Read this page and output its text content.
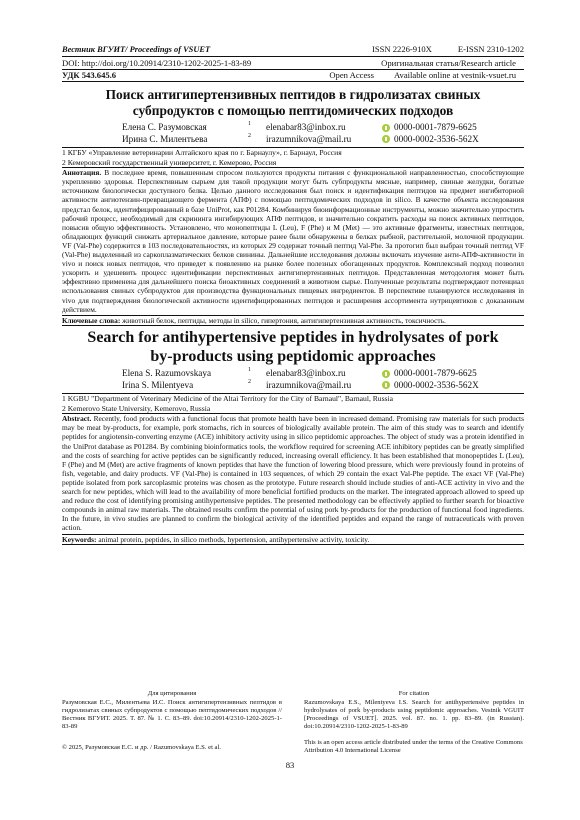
Вестник ВГУИТ/ Proceedings of VSUET	ISSN 2226-910X	E-ISSN 2310-1202
DOI: http://doi.org/10.20914/2310-1202-2025-1-83-89	Оригинальная статья/Research article
УДК 543.645.6	Open Access Available online at vestnik-vsuet.ru
Поиск антигипертензивных пептидов в гидролизатах свиных субпродуктов с помощью пептидомических подходов
Елена С. Разумовская	1	elenabar83@inbox.ru	0000-0001-7879-6625
Ирина С. Милентьева	2	irazumnikova@mail.ru	0000-0002-3536-562X
1 КГБУ «Управление ветеринарии Алтайского края по г. Барнаулу», г. Барнаул, Россия
2 Кемеровский государственный университет, г. Кемерово, Россия
Аннотация. В последнее время, повышенным спросом пользуются продукты питания с функциональной направленностью, способствующие укреплению здоровья. Перспективным сырьем для такой продукции могут быть субпродукты мясные, например, свиные желудки, богатые источником биологически доступного белка. Целью данного исследования был поиск и идентификация пептидов на предмет ингибиторной активности ангиотензин-превращающего фермента (АПФ) с помощью пептидомических подходов in silico. В качестве объекта исследования предстал белок, идентифицированный в базе UniProt, как P01284. Комбинируя биоинформационные инструменты, можно значительно упростить рабочий процесс, необходимый для скрининга ингибирующих АПФ пептидов, и значительно сократить расходы на поиск активных пептидов, повысив общую эффективность. Установлено, что монопептиды L (Leu), F (Phe) и M (Met) — это активные фрагменты, известных пептидов, обладающих функций снижать артериальное давление, которые ранее были обнаружены в белках рыбной, растительной, молочной продукции. VF (Val-Phe) содержится в 103 последовательностях, из которых 29 содержат точный пептид Val-Phe. За протогип был выбран точный пептид VF (Val-Phe) выделенный из саркоплазматических белков свинины. Дальнейшие исследования должны включать изучение анти-АПФ-активности in vivo и поиск новых пептидов, что приведет к появлению на рынке более полезных обогащенных продуктов. Комплексный подход позволил ускорить и удешевить процесс идентификации перспективных антигипертензивных пептидов. Представленная методология может быть эффективно применена для дальнейшего поиска биоактивных соединений в животном сырье. Полученные результаты подтверждают потенциал использования свиных субпродуктов для производства функциональных пищевых ингредиентов. В перспективе планируются исследования in vivo для подтверждения биологической активности идентифицированных пептидов и расширения ассортимента нутрицевтиков с доказанным действием.
Ключевые слова: животный белок, пептиды, методы in silico, гипертония, антигипертензивная активность, токсичность.
Search for antihypertensive peptides in hydrolysates of pork by-products using peptidomic approaches
Elena S. Razumovskaya	1	elenabar83@inbox.ru	0000-0001-7879-6625
Irina S. Milentyeva	2	irazumnikova@mail.ru	0000-0002-3536-562X
1 KGBU "Department of Veterinary Medicine of the Altai Territory for the City of Barnaul", Barnaul, Russia
2 Kemerovo State University, Kemerovo, Russia
Abstract. Recently, food products with a functional focus that promote health have been in increased demand. Promising raw materials for such products may be meat by-products, for example, pork stomachs, rich in sources of biologically available protein. The aim of this study was to search and identify peptides for angiotensin-converting enzyme (ACE) inhibitory activity using in silico peptidomic approaches. The object of study was a protein identified in the UniProt database as P01284. By combining bioinformatics tools, the workflow required for screening ACE inhibitory peptides can be greatly simplified and the costs of searching for active peptides can be significantly reduced, increasing overall efficiency. It has been established that monopeptides L (Leu), F (Phe) and M (Met) are active fragments of known peptides that have the function of lowering blood pressure, which were previously found in proteins of fish, vegetable, and dairy products. VF (Val-Phe) is contained in 103 sequences, of which 29 contain the exact Val-Phe peptide. The exact VF (Val-Phe) peptide isolated from pork sarcoplasmic proteins was chosen as the prototype. Future research should include studies of anti-ACE activity in vivo and the search for new peptides, which will lead to the availability of more beneficial fortified products on the market. The integrated approach allowed to speed up and reduce the cost of identifying promising antihypertensive peptides. The presented methodology can be effectively applied to further search for bioactive compounds in animal raw materials. The obtained results confirm the potential of using pork by-products for the production of functional food ingredients. In the future, in vivo studies are planned to confirm the biological activity of the identified peptides and expand the range of nutraceuticals with proven action.
Keywords: animal protein, peptides, in silico methods, hypertension, antihypertensive activity, toxicity.
Для цитирования
Разумовская Е.С., Милентьева И.С. Поиск антигипертензивных пептидов в гидролизатах свиных субпродуктов с помощью пептидомических подходов // Вестник ВГУИТ. 2025. Т. 87. № 1. С. 83–89. doi:10.20914/2310-1202-2025-1-83-89
For citation
Razumovskaya E.S., Milentyeva I.S. Search for antihypertensive peptides in hydrolysates of pork by-products using peptidomic approaches. Vestnik VGUIT [Proceedings of VSUET]. 2025. vol. 87. no. 1. pp. 83–89. (in Russian). doi:10.20914/2310-1202-2025-1-83-89
© 2025, Разумовская Е.С. и др. / Razumovskaya E.S. et al.
This is an open access article distributed under the terms of the Creative Commons Attribution 4.0 International License
83
